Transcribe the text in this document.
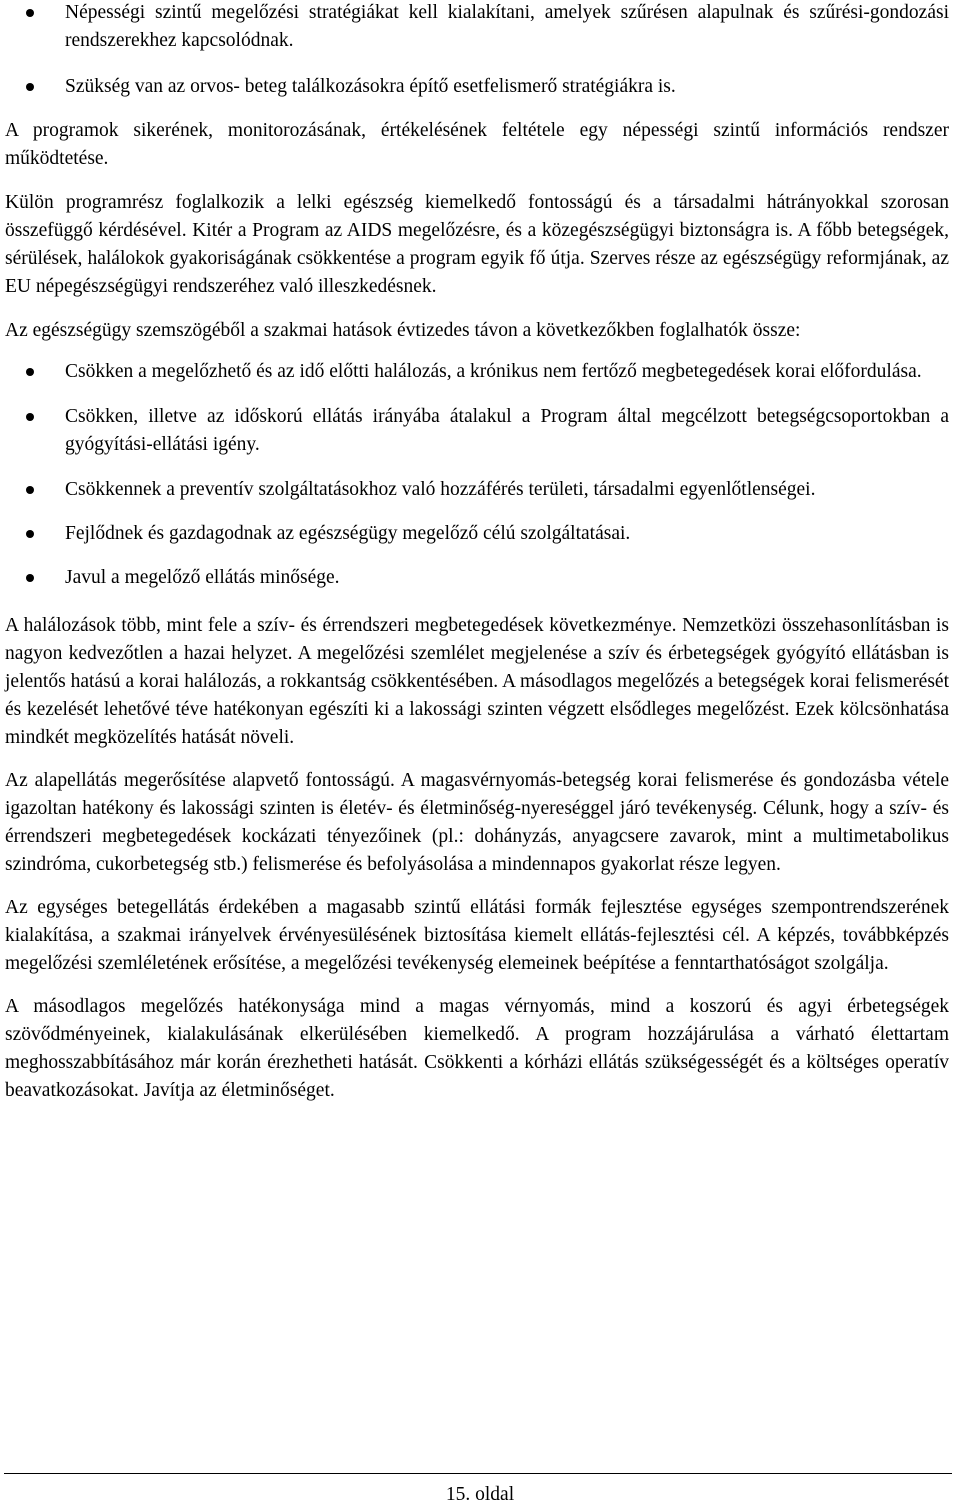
Népességi szintű megelőzési stratégiákat kell kialakítani, amelyek szűrésen alapulnak és szűrési-gondozási rendszerekhez kapcsolódnak.
Szükség van az orvos- beteg találkozásokra építő esetfelismerő stratégiákra is.

A programok sikerének, monitorozásának, értékelésének feltétele egy népességi szintű információs rendszer működtetése.

Külön programrész foglalkozik a lelki egészség kiemelkedő fontosságú és a társadalmi hátrányokkal szorosan összefüggő kérdésével. Kitér a Program az AIDS megelőzésre, és a közegészségügyi biztonságra is. A főbb betegségek, sérülések, halálokok gyakoriságának csökkentése a program egyik fő útja. Szerves része az egészségügy reformjának, az EU népegészségügyi rendszeréhez való illeszkedésnek.

Az egészségügy szemszögéből a szakmai hatások évtizedes távon a következőkben foglalhatók össze:

Csökken a megelőzhető és az idő előtti halálozás, a krónikus nem fertőző megbetegedések korai előfordulása.
Csökken, illetve az időskorú ellátás irányába átalakul a Program által megcélzott betegségcsoportokban a gyógyítási-ellátási igény.
Csökkennek a preventív szolgáltatásokhoz való hozzáférés területi, társadalmi egyenlőtlenségei.
Fejlődnek és gazdagodnak az egészségügy megelőző célú szolgáltatásai.
Javul a megelőző ellátás minősége.

A halálozások több, mint fele a szív- és érrendszeri megbetegedések következménye. Nemzetközi összehasonlításban is nagyon kedvezőtlen a hazai helyzet. A megelőzési szemlélet megjelenése a szív és érbetegségek gyógyító ellátásban is jelentős hatású a korai halálozás, a rokkantság csökkentésében. A másodlagos megelőzés a betegségek korai felismerését és kezelését lehetővé téve hatékonyan egészíti ki a lakossági szinten végzett elsődleges megelőzést. Ezek kölcsönhatása mindkét megközelítés hatását növeli.

Az alapellátás megerősítése alapvető fontosságú. A magasvérnyomás-betegség korai felismerése és gondozásba vétele igazoltan hatékony és lakossági szinten is életév- és életminőség-nyereséggel járó tevékenység. Célunk, hogy a szív- és érrendszeri megbetegedések kockázati tényezőinek (pl.: dohányzás, anyagcsere zavarok, mint a multimetabolikus szindróma, cukorbetegség stb.) felismerése és befolyásolása a mindennapos gyakorlat része legyen.

Az egységes betegellátás érdekében a magasabb szintű ellátási formák fejlesztése egységes szempontrendszerének kialakítása, a szakmai irányelvek érvényesülésének biztosítása kiemelt ellátás-fejlesztési cél. A képzés, továbbképzés megelőzési szemléletének erősítése, a megelőzési tevékenység elemeinek beépítése a fenntarthatóságot szolgálja.

A másodlagos megelőzés hatékonysága mind a magas vérnyomás, mind a koszorú és agyi érbetegségek szövődményeinek, kialakulásának elkerülésében kiemelkedő. A program hozzájárulása a várható élettartam meghosszabbításához már korán érezhetheti hatását. Csökkenti a kórházi ellátás szükségességét és a költséges operatív beavatkozásokat. Javítja az életminőséget.

15. oldal
